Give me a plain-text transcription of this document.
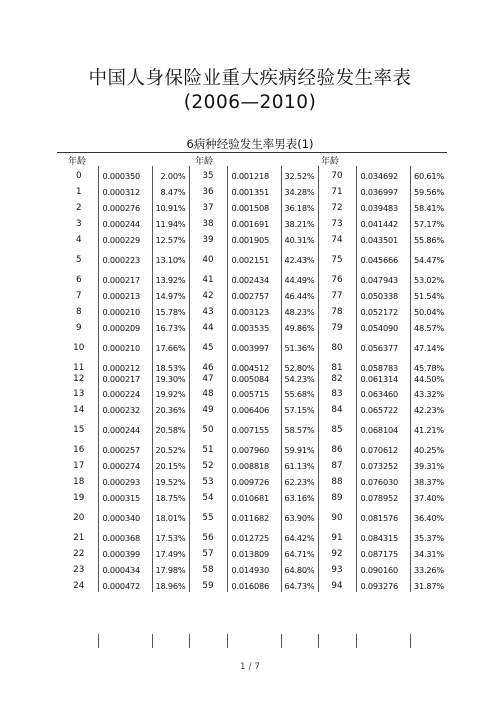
中国人身保险业重大疾病经验发生率表
(2006—2010)
6病种经验发生率男表(1)
年龄	年龄	年龄
0	0.000350	2.00%	35	0.001218	32.52%	70	0.034692	60.61%
1	0.000312	8.47%	36	0.001351	34.28%	71	0.036997	59.56%
2	0.000276	10.91%	37	0.001508	36.18%	72	0.039483	58.41%
3	0.000244	11.94%	38	0.001691	38.21%	73	0.041442	57.17%
4	0.000229	12.57%	39	0.001905	40.31%	74	0.043501	55.86%
5	0.000223	13.10%	40	0.002151	42.43%	75	0.045666	54.47%
6	0.000217	13.92%	41	0.002434	44.49%	76	0.047943	53.02%
7	0.000213	14.97%	42	0.002757	46.44%	77	0.050338	51.54%
8	0.000210	15.78%	43	0.003123	48.23%	78	0.052172	50.04%
9	0.000209	16.73%	44	0.003535	49.86%	79	0.054090	48.57%
10	0.000210	17.66%	45	0.003997	51.36%	80	0.056377	47.14%
11	0.000212	18.53%	46	0.004512	52.80%	81	0.058783	45.78%
12	0.000217	19.30%	47	0.005084	54.23%	82	0.061314	44.50%
13	0.000224	19.92%	48	0.005715	55.68%	83	0.063460	43.32%
14	0.000232	20.36%	49	0.006406	57.15%	84	0.065722	42.23%
15	0.000244	20.58%	50	0.007155	58.57%	85	0.068104	41.21%
16	0.000257	20.52%	51	0.007960	59.91%	86	0.070612	40.25%
17	0.000274	20.15%	52	0.008818	61.13%	87	0.073252	39.31%
18	0.000293	19.52%	53	0.009726	62.23%	88	0.076030	38.37%
19	0.000315	18.75%	54	0.010681	63.16%	89	0.078952	37.40%
20	0.000340	18.01%	55	0.011682	63.90%	90	0.081576	36.40%
21	0.000368	17.53%	56	0.012725	64.42%	91	0.084315	35.37%
22	0.000399	17.49%	57	0.013809	64.71%	92	0.087175	34.31%
23	0.000434	17.98%	58	0.014930	64.80%	93	0.090160	33.26%
24	0.000472	18.96%	59	0.016086	64.73%	94	0.093276	31.87%
1 / 7
